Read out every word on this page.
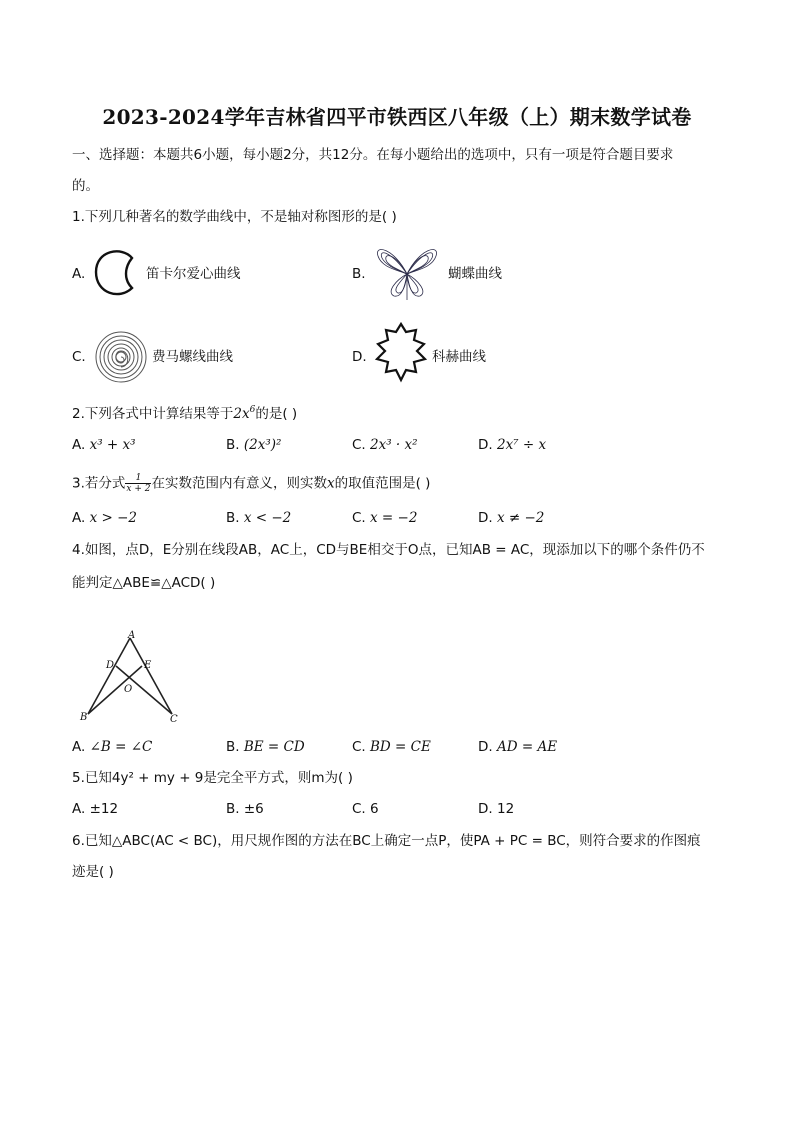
2023-2024学年吉林省四平市铁西区八年级（上）期末数学试卷
一、选择题：本题共6小题，每小题2分，共12分。在每小题给出的选项中，只有一项是符合题目要求
的。
1.下列几种著名的数学曲线中，不是轴对称图形的是( )
A.	笛卡尔爱心曲线	B.	蝴蝶曲线
C.	费马螺线曲线	D.	科赫曲线
2.下列各式中计算结果等于$2x^6$的是( )
A. x³ + x³	B. (2x³)²	C. 2x³ · x²	D. 2x⁷ ÷ x
3.若分式 $\frac{1}{x + 2}$ 在实数范围内有意义，则实数x的取值范围是( )
A. x > −2	B. x < −2	C. x = −2	D. x ≠ −2
4.如图，点D，E分别在线段AB，AC上，CD与BE相交于O点，已知AB = AC，现添加以下的哪个条件仍不
能判定△ABE≌△ACD( )
A
D	E
O
B	C
A. ∠B = ∠C	B. BE = CD	C. BD = CE	D. AD = AE
5.已知4y² + my + 9是完全平方式，则m为( )
A. ±12	B. ±6	C. 6	D. 12
6.已知△ABC(AC < BC)，用尺规作图的方法在BC上确定一点P，使PA + PC = BC，则符合要求的作图痕
迹是( )
